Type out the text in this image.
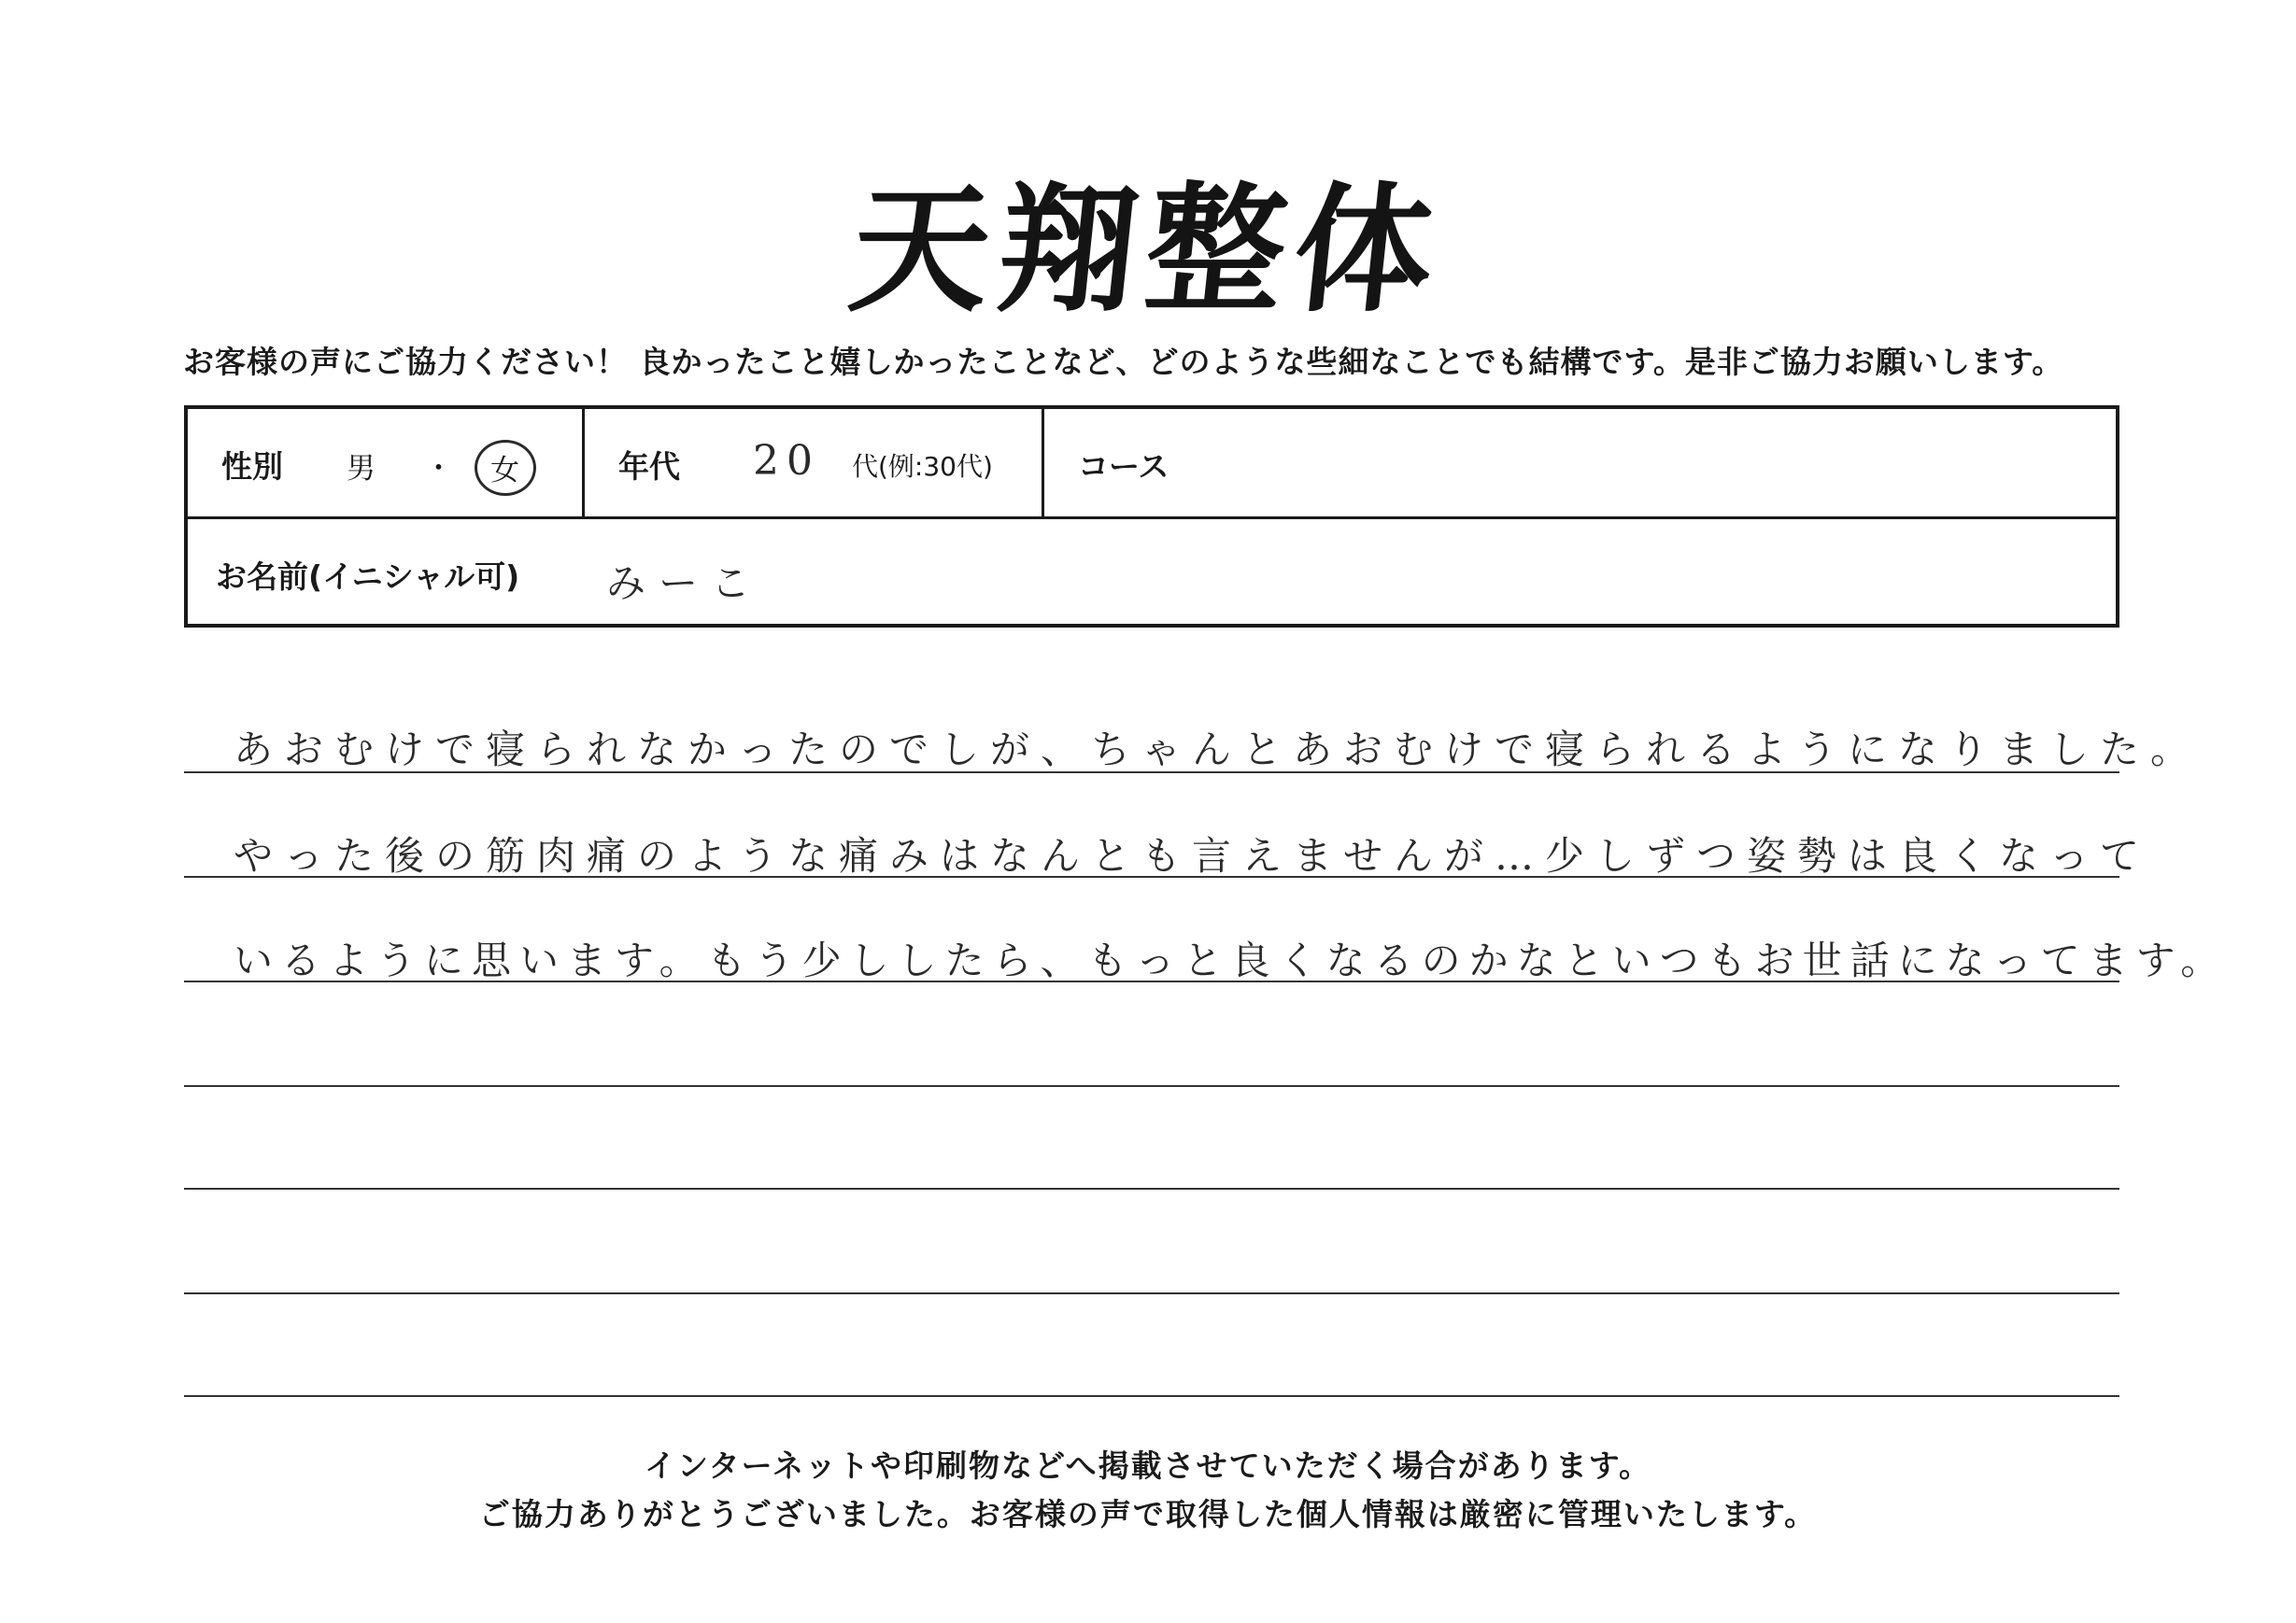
天翔整体
お客様の声にご協力ください！ 良かったこと嬉しかったことなど、どのような些細なことでも結構です。是非ご協力お願いします。
性別 男 ・ 女	年代 20 代(例:30代)	コース
お名前(イニシャル可) みーこ
あおむけで寝られなかったのでしが、ちゃんとあおむけで寝られるようになりました。
やった後の筋肉痛のような痛みはなんとも言えませんが…少しずつ姿勢は良くなって
いるように思います。もう少ししたら、もっと良くなるのかなといつもお世話になってます。
インターネットや印刷物などへ掲載させていただく場合があります。
ご協力ありがとうございました。お客様の声で取得した個人情報は厳密に管理いたします。
